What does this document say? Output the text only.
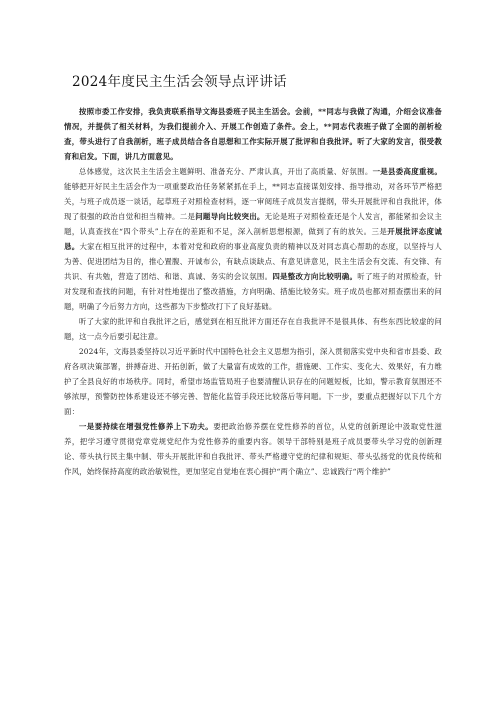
2024年度民主生活会领导点评讲话

按照市委工作安排，我负责联系指导文海县委班子民主生活会。会前，**同志与我做了沟通，介绍会议准备情况，并提供了相关材料，为我们提前介入、开展工作创造了条件。会上，**同志代表班子做了全面的剖析检查，带头进行了自我剖析，班子成员结合各自思想和工作实际开展了批评和自我批评。听了大家的发言，很受教育和启发。下面，讲几方面意见。

总体感觉，这次民主生活会主题鲜明、准备充分、严肃认真，开出了高质量、好氛围。一是县委高度重视。能够把开好民主生活会作为一项重要政治任务紧紧抓在手上，**同志直接谋划安排、指导推动，对各环节严格把关，与班子成员逐一谈话，起草班子对照检查材料，逐一审阅班子成员发言提纲，带头开展批评和自我批评，体现了很强的政治自觉和担当精神。二是问题导向比较突出。无论是班子对照检查还是个人发言，都能紧扣会议主题，认真查找在“四个带头”上存在的差距和不足，深入剖析思想根源，做到了有的放矢。三是开展批评态度诚恳。大家在相互批评的过程中，本着对党和政府的事业高度负责的精神以及对同志真心帮助的态度，以坚持与人为善、促进团结为目的，推心置腹、开诚布公，有缺点谈缺点、有意见讲意见，民主生活会有交流、有交锋、有共识、有共勉，营造了团结、和谐、真诚、务实的会议氛围。四是整改方向比较明确。听了班子的对照检查，针对发现和查找的问题，有针对性地提出了整改措施，方向明确、措施比较务实。班子成员也都对照查摆出来的问题，明确了今后努力方向，这些都为下步整改打下了良好基础。

听了大家的批评和自我批评之后，感觉到在相互批评方面还存在自我批评不是很具体、有些东西比较虚的问题，这一点今后要引起注意。

2024年，文海县委坚持以习近平新时代中国特色社会主义思想为指引，深入贯彻落实党中央和省市县委、政府各项决策部署，拼搏奋进、开拓创新，做了大量富有成效的工作，措施硬、工作实、变化大、效果好，有力维护了全县良好的市场秩序。同时，希望市场监管局班子也要清醒认识存在的问题短板，比如，警示教育氛围还不够浓厚，预警防控体系建设还不够完善、智能化监管手段还比较落后等问题。下一步，要重点把握好以下几个方面：

一是要持续在增强党性修养上下功夫。要把政治修养摆在党性修养的首位，从党的创新理论中汲取党性滋养，把学习遵守贯彻党章党规党纪作为党性修养的重要内容。领导干部特别是班子成员要带头学习党的创新理论、带头执行民主集中制、带头开展批评和自我批评、带头严格遵守党的纪律和规矩、带头弘扬党的优良传统和作风，始终保持高度的政治敏锐性，更加坚定自觉地在衷心拥护“两个确立”、忠诚践行“两个维护”
